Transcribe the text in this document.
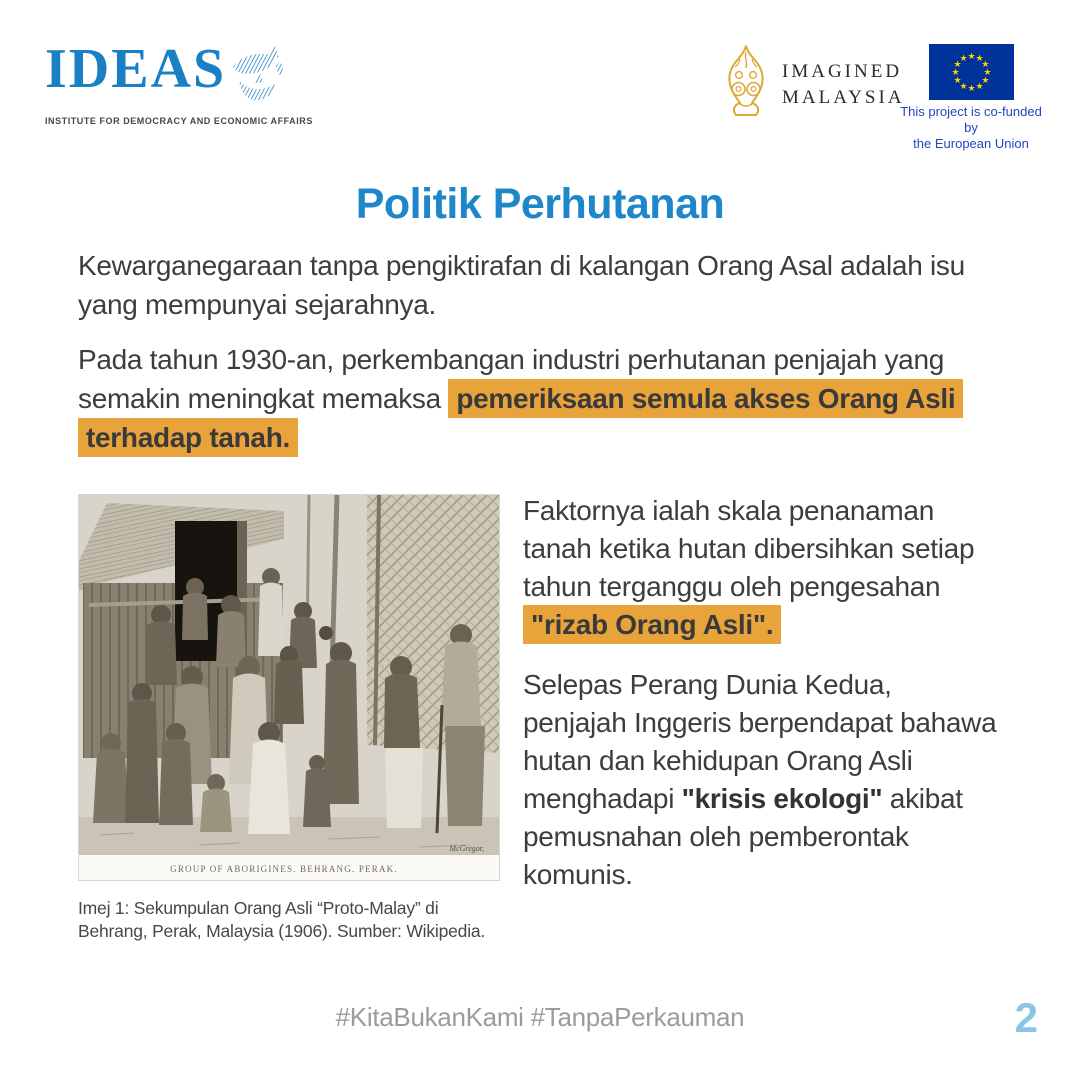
IDEAS
INSTITUTE FOR DEMOCRACY AND ECONOMIC AFFAIRS
IMAGINED
MALAYSIA
★ ★
★
★
★
★
★
★
★
★
★
★
This project is co-funded by
the European Union
Politik Perhutanan

Kewarganegaraan tanpa pengiktirafan di kalangan Orang Asal adalah isu yang mempunyai sejarahnya.

Pada tahun 1930-an, perkembangan industri perhutanan penjajah yang semakin meningkat memaksa pemeriksaan semula akses Orang Asli terhadap tanah.

McGregor,
GROUP OF ABORIGINES. BEHRANG. PERAK.
Imej 1: Sekumpulan Orang Asli “Proto-Malay” di Behrang, Perak, Malaysia (1906). Sumber: Wikipedia.

Faktornya ialah skala penanaman tanah ketika hutan dibersihkan setiap tahun terganggu oleh pengesahan "rizab Orang Asli".

Selepas Perang Dunia Kedua, penjajah Inggeris berpendapat bahawa hutan dan kehidupan Orang Asli menghadapi "krisis ekologi" akibat pemusnahan oleh pemberontak komunis.

#KitaBukanKami #TanpaPerkauman	2
